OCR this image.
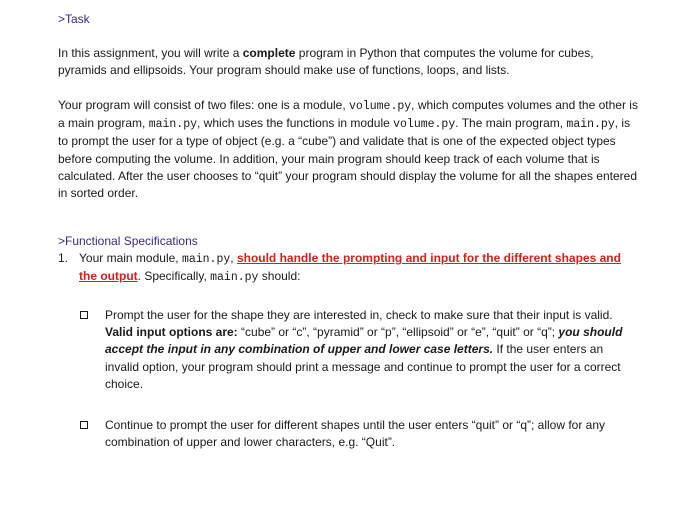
>Task
In this assignment, you will write a complete program in Python that computes the volume for cubes, pyramids and ellipsoids. Your program should make use of functions, loops, and lists.
Your program will consist of two files: one is a module, volume.py, which computes volumes and the other is a main program, main.py, which uses the functions in module volume.py. The main program, main.py, is to prompt the user for a type of object (e.g. a “cube”) and validate that is one of the expected object types before computing the volume. In addition, your main program should keep track of each volume that is calculated. After the user chooses to “quit” your program should display the volume for all the shapes entered in sorted order.
>Functional Specifications
1. Your main module, main.py, should handle the prompting and input for the different shapes and the output. Specifically, main.py should:
Prompt the user for the shape they are interested in, check to make sure that their input is valid. Valid input options are: “cube” or “c”, “pyramid” or “p”, “ellipsoid” or “e”, “quit” or “q”; you should accept the input in any combination of upper and lower case letters. If the user enters an invalid option, your program should print a message and continue to prompt the user for a correct choice.
Continue to prompt the user for different shapes until the user enters “quit” or “q”; allow for any combination of upper and lower characters, e.g. “Quit”.
